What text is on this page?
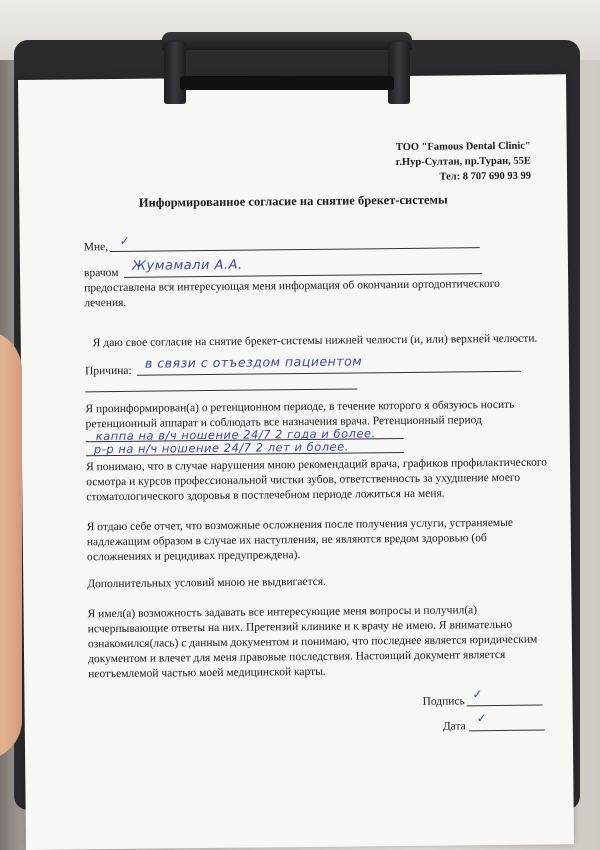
ТОО "Famous Dental Clinic"
г.Нур-Султан, пр.Туран, 55Е
Тел: 8 707 690 93 99
Информированное согласие на снятие брекет-системы
Мне, ✓
врачом Жумамали А.А.
предоставлена вся интересующая меня информация об окончании ортодонтического
лечения.
Я даю свое согласие на снятие брекет-системы нижней челюсти (и, или) верхней челюсти.
Причина:
в связи с отъездом пациентом
Я проинформирован(а) о ретенционном периоде, в течение которого я обязуюсь носить
ретенционный аппарат и соблюдать все назначения врача. Ретенционный период
каппа на в/ч ношение 24/7 2 года и более.
р-р на н/ч ношение 24/7 2 лет и более.
Я понимаю, что в случае нарушения мною рекомендаций врача, графиков профилактического
осмотра и курсов профессиональной чистки зубов, ответственность за ухудшение моего
стоматологического здоровья в постлечебном периоде ложиться на меня.
Я отдаю себе отчет, что возможные осложнения после получения услуги, устраняемые
надлежащим образом в случае их наступления, не являются вредом здоровью (об
осложнениях и рецидивах предупреждена).
Дополнительных условий мною не выдвигается.
Я имел(а) возможность задавать все интересующие меня вопросы и получил(а)
исчерпывающие ответы на них. Претензий клинике и к врачу не имею. Я внимательно
ознакомился(лась) с данным документом и понимаю, что последнее является юридическим
документом и влечет для меня правовые последствия. Настоящий документ является
неотъемлемой частью моей медицинской карты.
Подпись
✓
Дата
✓
